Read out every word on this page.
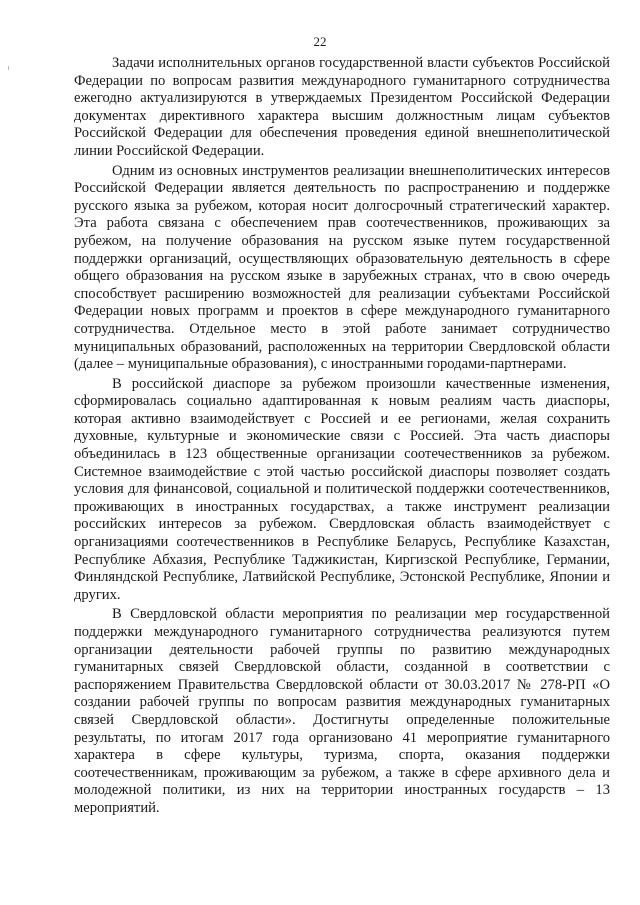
22

Задачи исполнительных органов государственной власти субъектов Российской Федерации по вопросам развития международного гуманитарного сотрудничества ежегодно актуализируются в утверждаемых Президентом Российской Федерации документах директивного характера высшим должностным лицам субъектов Российской Федерации для обеспечения проведения единой внешнеполитической линии Российской Федерации.

Одним из основных инструментов реализации внешнеполитических интересов Российской Федерации является деятельность по распространению и поддержке русского языка за рубежом, которая носит долгосрочный стратегический характер. Эта работа связана с обеспечением прав соотечественников, проживающих за рубежом, на получение образования на русском языке путем государственной поддержки организаций, осуществляющих образовательную деятельность в сфере общего образования на русском языке в зарубежных странах, что в свою очередь способствует расширению возможностей для реализации субъектами Российской Федерации новых программ и проектов в сфере международного гуманитарного сотрудничества. Отдельное место в этой работе занимает сотрудничество муниципальных образований, расположенных на территории Свердловской области (далее – муниципальные образования), с иностранными городами-партнерами.

В российской диаспоре за рубежом произошли качественные изменения, сформировалась социально адаптированная к новым реалиям часть диаспоры, которая активно взаимодействует с Россией и ее регионами, желая сохранить духовные, культурные и экономические связи с Россией. Эта часть диаспоры объединилась в 123 общественные организации соотечественников за рубежом. Системное взаимодействие с этой частью российской диаспоры позволяет создать условия для финансовой, социальной и политической поддержки соотечественников, проживающих в иностранных государствах, а также инструмент реализации российских интересов за рубежом. Свердловская область взаимодействует с организациями соотечественников в Республике Беларусь, Республике Казахстан, Республике Абхазия, Республике Таджикистан, Киргизской Республике, Германии, Финляндской Республике, Латвийской Республике, Эстонской Республике, Японии и других.

В Свердловской области мероприятия по реализации мер государственной поддержки международного гуманитарного сотрудничества реализуются путем организации деятельности рабочей группы по развитию международных гуманитарных связей Свердловской области, созданной в соответствии с распоряжением Правительства Свердловской области от 30.03.2017 № 278-РП «О создании рабочей группы по вопросам развития международных гуманитарных связей Свердловской области». Достигнуты определенные положительные результаты, по итогам 2017 года организовано 41 мероприятие гуманитарного характера в сфере культуры, туризма, спорта, оказания поддержки соотечественникам, проживающим за рубежом, а также в сфере архивного дела и молодежной политики, из них на территории иностранных государств – 13 мероприятий.
